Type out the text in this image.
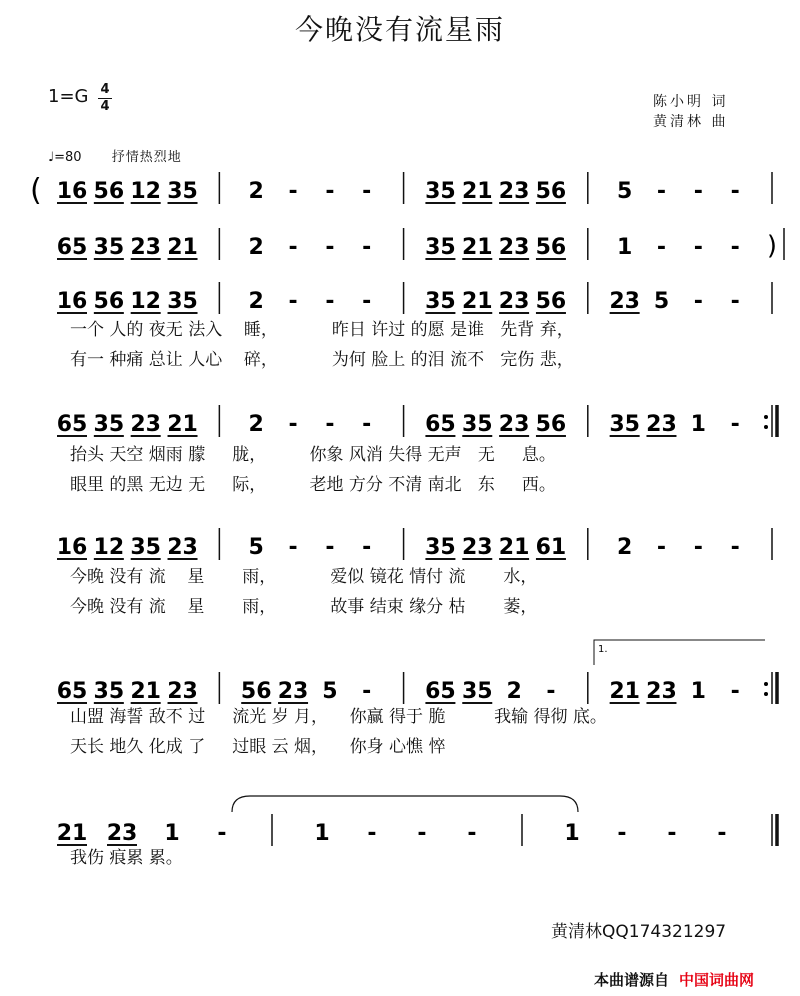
今晚没有流星雨
1=G 4
4	陈小明 词
黄清林 曲
♩=80 抒情热烈地
16 56 12 35 2 - - - 35 21 23 56 5 - - -
(
65 35 23 21 2 - - - 35 21 23 56 1 - - - )
16 56 12 35 2 - - - 35 21 23 56 23 5 - -
65 35 23 21 2 - - - 65 35 23 56 35 23 1 -
16 12 35 23 5 - - - 35 23 21 61 2 - - -
65 35 21 23 56 23 5 - 65 35 2 - 21 23 1 -
1.
21 23 1 -	1 - - -	1 - - -
一个 人的 夜无 法入    睡，          昨日 许过 的愿 是谁   先背 弃，
有一 种痛 总让 人心    碎，          为何 脸上 的泪 流不   完伤 悲，
抬头 天空 烟雨 朦     胧，        你象 风消 失得 无声   无     息。
眼里 的黑 无边 无     际，        老地 方分 不清 南北   东     西。
今晚 没有 流    星       雨，          爱似 镜花 情付 流       水，
今晚 没有 流    星       雨，          故事 结束 缘分 枯       萎，
山盟 海誓 敌不 过     流光 岁 月，    你赢 得于 脆         我输 得彻 底。
天长 地久 化成 了     过眼 云 烟，    你身 心憔 悴
我伤 痕累 累。
黄清林QQ174321297
本曲谱源自 中国词曲网
